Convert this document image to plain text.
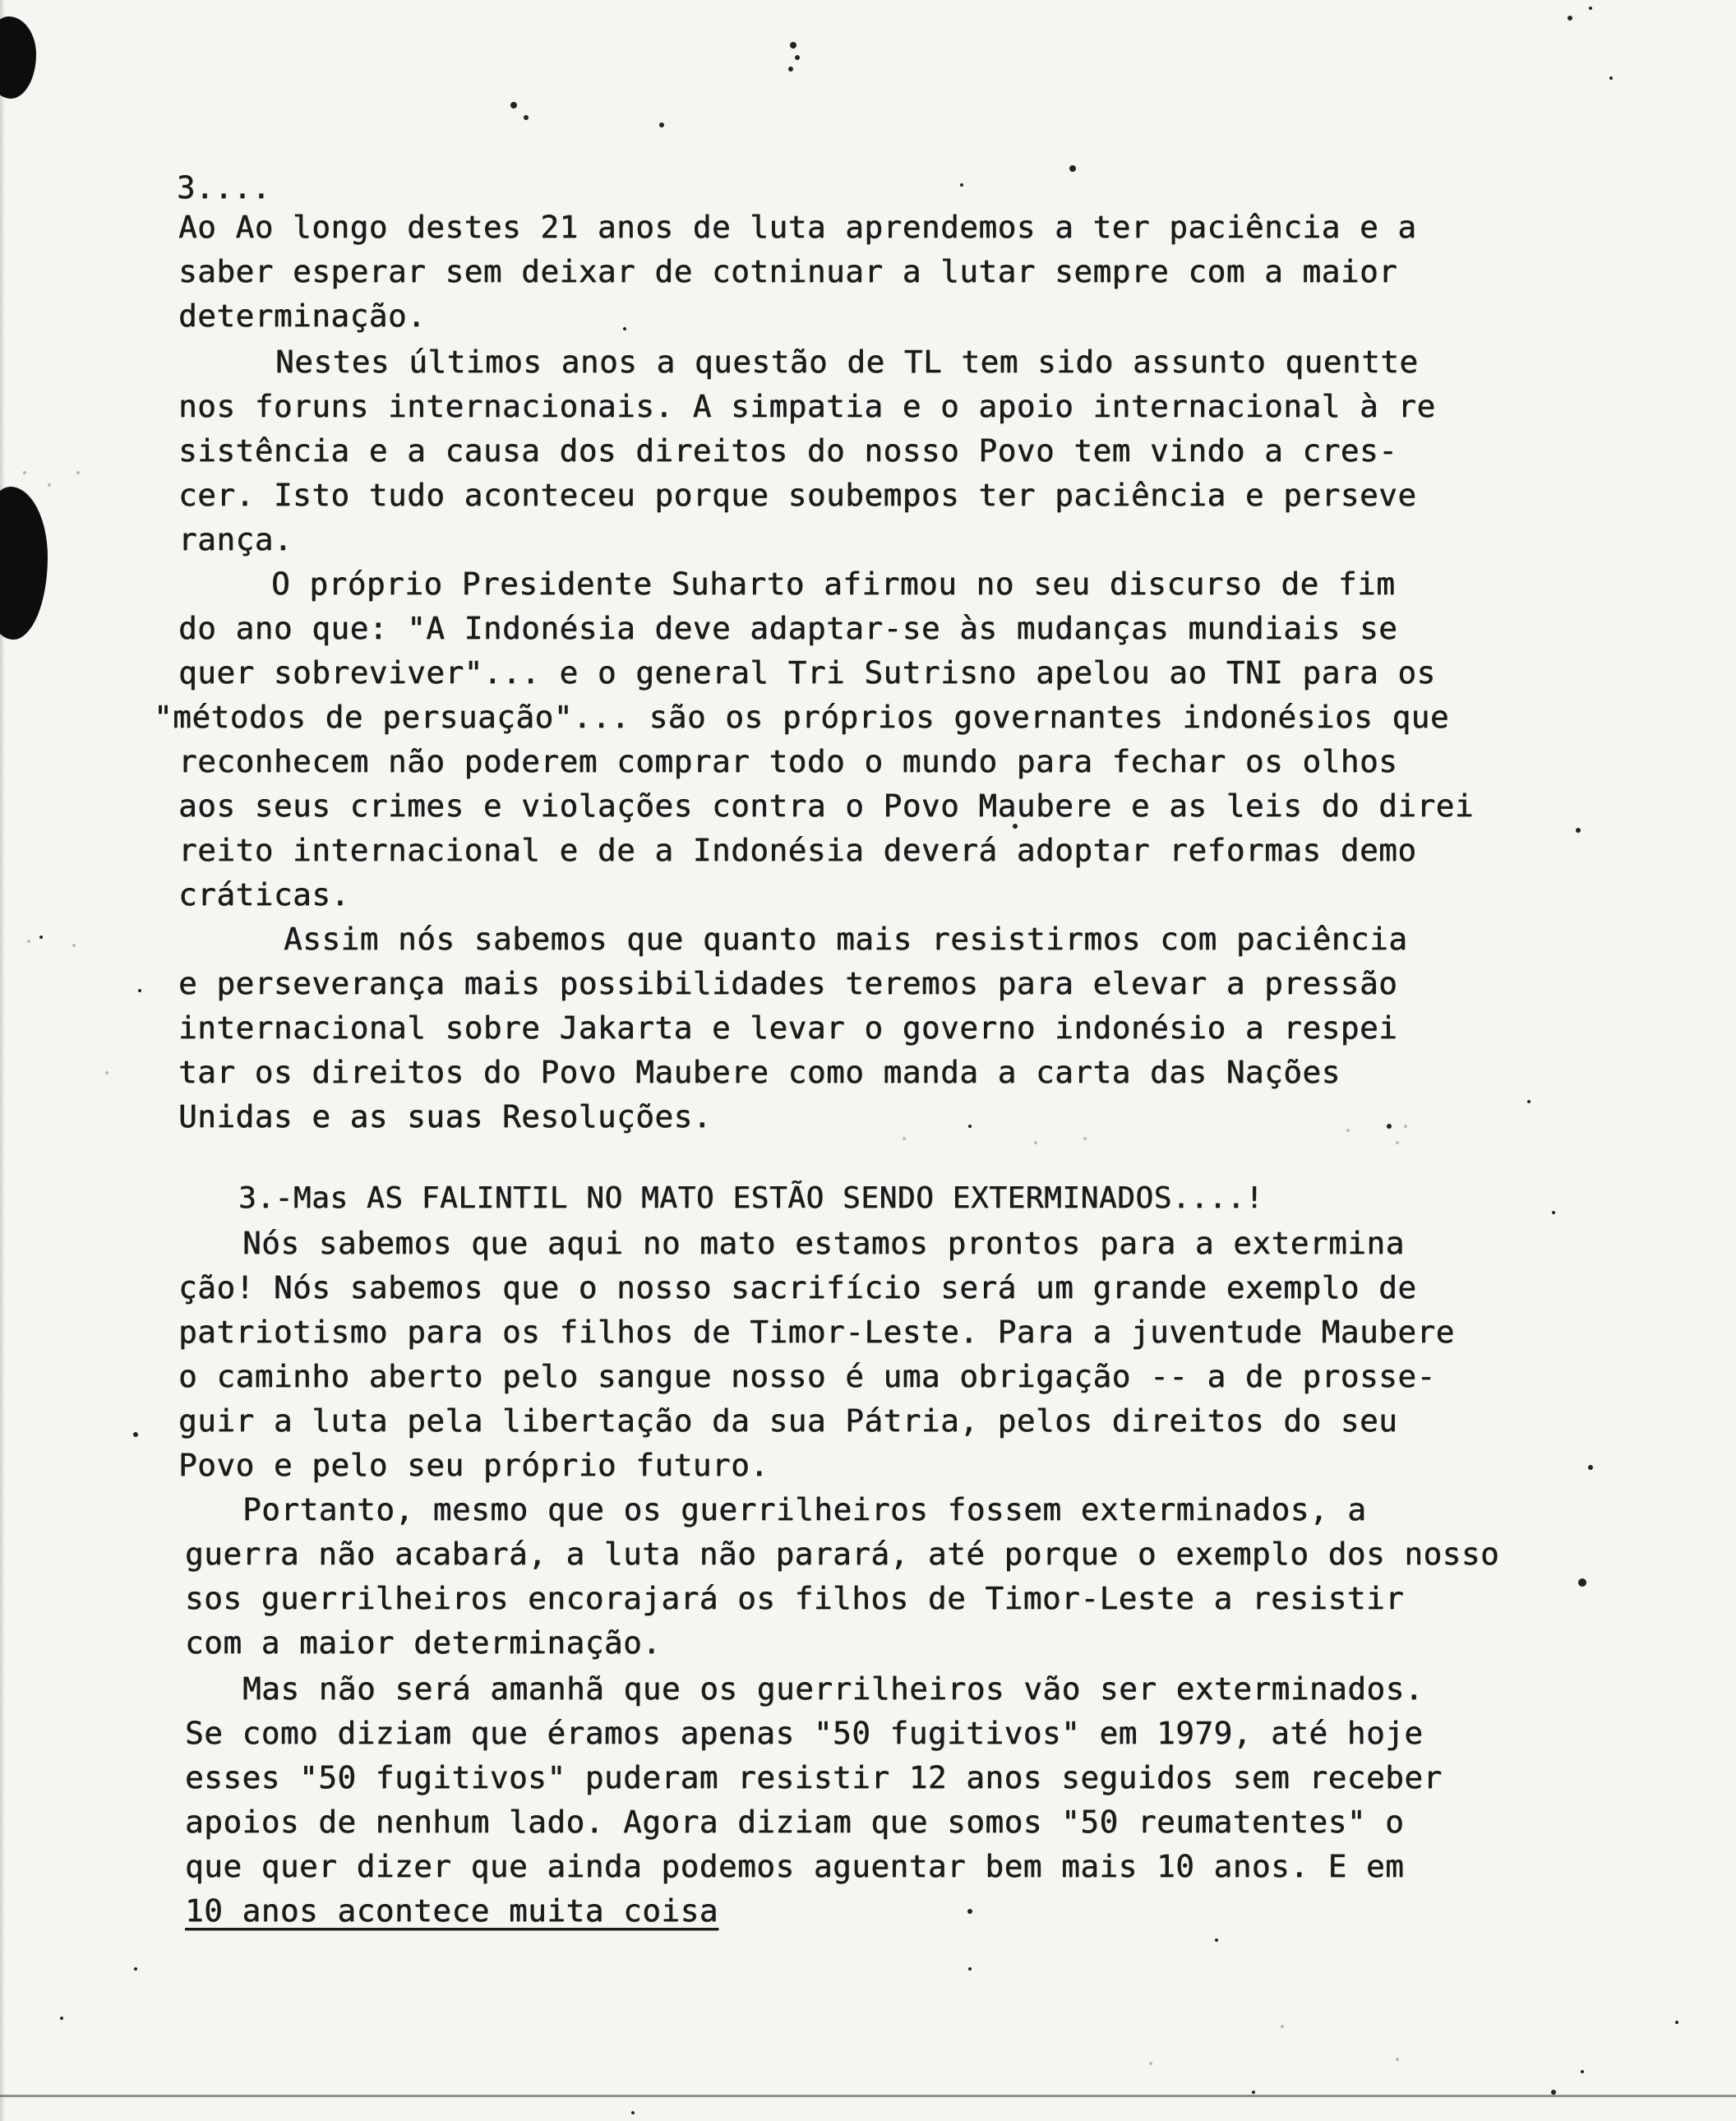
3....
Ao Ao longo destes 21 anos de luta aprendemos a ter paciência e a
saber esperar sem deixar de cotninuar a lutar sempre com a maior
determinação.
Nestes últimos anos a questão de TL tem sido assunto quentte
nos foruns internacionais. A simpatia e o apoio internacional à re
sistência e a causa dos direitos do nosso Povo tem vindo a cres-
cer. Isto tudo aconteceu porque soubempos ter paciência e perseve
rança.
O próprio Presidente Suharto afirmou no seu discurso de fim
do ano que: "A Indonésia deve adaptar-se às mudanças mundiais se
quer sobreviver"... e o general Tri Sutrisno apelou ao TNI para os
"métodos de persuação"... são os próprios governantes indonésios que
reconhecem não poderem comprar todo o mundo para fechar os olhos
aos seus crimes e violações contra o Povo Maubere e as leis do direi
reito internacional e de a Indonésia deverá adoptar reformas demo
cráticas.
Assim nós sabemos que quanto mais resistirmos com paciência
e perseverança mais possibilidades teremos para elevar a pressão
internacional sobre Jakarta e levar o governo indonésio a respei
tar os direitos do Povo Maubere como manda a carta das Nações
Unidas e as suas Resoluções.
3.-Mas AS FALINTIL NO MATO ESTÃO SENDO EXTERMINADOS....!
Nós sabemos que aqui no mato estamos prontos para a extermina
ção! Nós sabemos que o nosso sacrifício será um grande exemplo de
patriotismo para os filhos de Timor-Leste. Para a juventude Maubere
o caminho aberto pelo sangue nosso é uma obrigação -- a de prosse-
guir a luta pela libertação da sua Pátria, pelos direitos do seu
Povo e pelo seu próprio futuro.
Portanto, mesmo que os guerrilheiros fossem exterminados, a
guerra não acabará, a luta não parará, até porque o exemplo dos nosso
sos guerrilheiros encorajará os filhos de Timor-Leste a resistir
com a maior determinação.
Mas não será amanhã que os guerrilheiros vão ser exterminados.
Se como diziam que éramos apenas "50 fugitivos" em 1979, até hoje
esses "50 fugitivos" puderam resistir 12 anos seguidos sem receber
apoios de nenhum lado. Agora diziam que somos "50 reumatentes" o
que quer dizer que ainda podemos aguentar bem mais 10 anos. E em
10 anos acontece muita coisa
